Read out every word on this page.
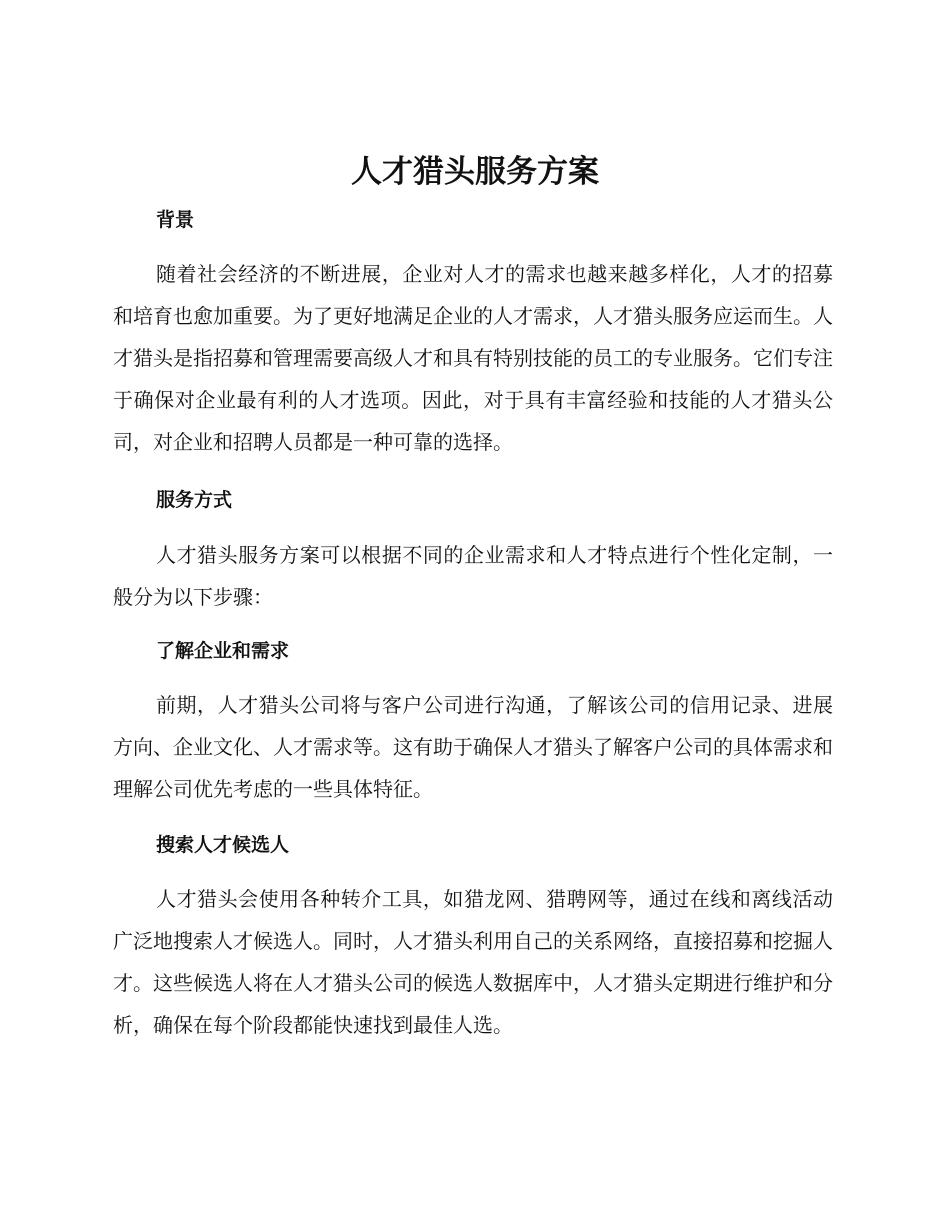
人才猎头服务方案
背景

随着社会经济的不断进展，企业对人才的需求也越来越多样化，人才的招募和培育也愈加重要。为了更好地满足企业的人才需求，人才猎头服务应运而生。人才猎头是指招募和管理需要高级人才和具有特别技能的员工的专业服务。它们专注于确保对企业最有利的人才选项。因此，对于具有丰富经验和技能的人才猎头公司，对企业和招聘人员都是一种可靠的选择。

服务方式

人才猎头服务方案可以根据不同的企业需求和人才特点进行个性化定制，一般分为以下步骤：

了解企业和需求

前期，人才猎头公司将与客户公司进行沟通，了解该公司的信用记录、进展方向、企业文化、人才需求等。这有助于确保人才猎头了解客户公司的具体需求和理解公司优先考虑的一些具体特征。

搜索人才候选人

人才猎头会使用各种转介工具，如猎龙网、猎聘网等，通过在线和离线活动广泛地搜索人才候选人。同时，人才猎头利用自己的关系网络，直接招募和挖掘人才。这些候选人将在人才猎头公司的候选人数据库中，人才猎头定期进行维护和分析，确保在每个阶段都能快速找到最佳人选。
